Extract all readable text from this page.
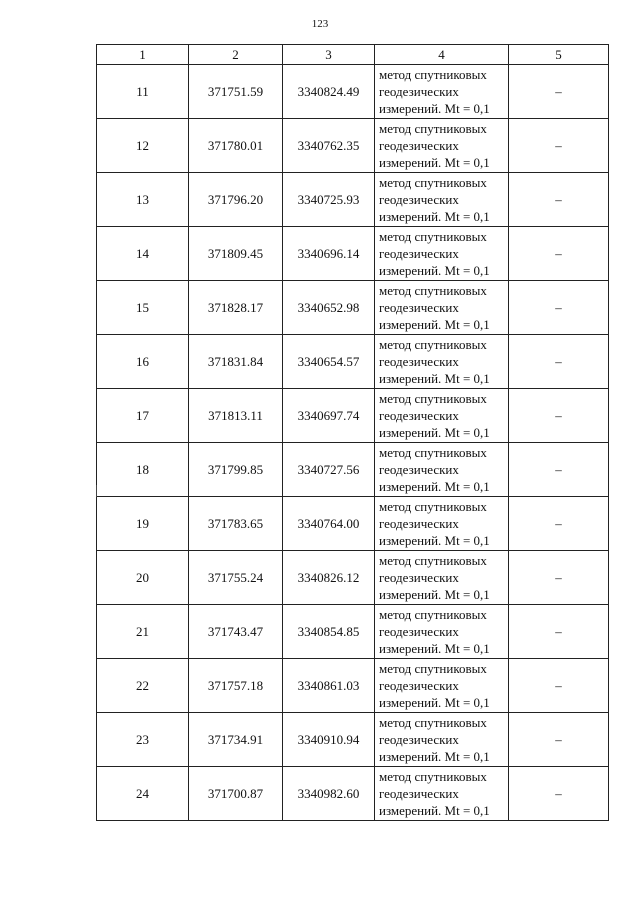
123
1	2	3	4	5
11	371751.59	3340824.49	метод спутниковых
геодезических
измерений. Mt = 0,1	–
12	371780.01	3340762.35	метод спутниковых
геодезических
измерений. Mt = 0,1	–
13	371796.20	3340725.93	метод спутниковых
геодезических
измерений. Mt = 0,1	–
14	371809.45	3340696.14	метод спутниковых
геодезических
измерений. Mt = 0,1	–
15	371828.17	3340652.98	метод спутниковых
геодезических
измерений. Mt = 0,1	–
16	371831.84	3340654.57	метод спутниковых
геодезических
измерений. Mt = 0,1	–
17	371813.11	3340697.74	метод спутниковых
геодезических
измерений. Mt = 0,1	–
18	371799.85	3340727.56	метод спутниковых
геодезических
измерений. Mt = 0,1	–
19	371783.65	3340764.00	метод спутниковых
геодезических
измерений. Mt = 0,1	–
20	371755.24	3340826.12	метод спутниковых
геодезических
измерений. Mt = 0,1	–
21	371743.47	3340854.85	метод спутниковых
геодезических
измерений. Mt = 0,1	–
22	371757.18	3340861.03	метод спутниковых
геодезических
измерений. Mt = 0,1	–
23	371734.91	3340910.94	метод спутниковых
геодезических
измерений. Mt = 0,1	–
24	371700.87	3340982.60	метод спутниковых
геодезических
измерений. Mt = 0,1	–
